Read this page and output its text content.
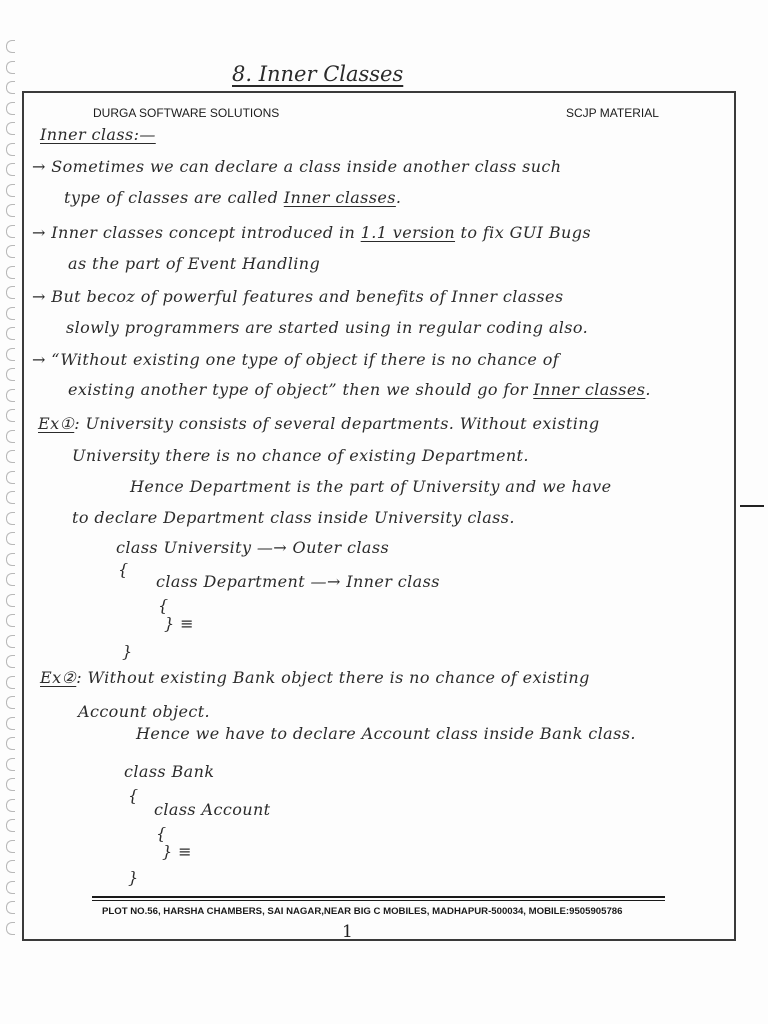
8. Inner Classes
DURGA SOFTWARE SOLUTIONS	SCJP MATERIAL
Inner class:—
→ Sometimes we can declare a class inside another class such
type of classes are called Inner classes.
→ Inner classes concept introduced in 1.1 version to fix GUI Bugs
as the part of Event Handling
→ But becoz of powerful features and benefits of Inner classes
slowly programmers are started using in regular coding also.
→ “Without existing one type of object if there is no chance of
existing another type of object” then we should go for Inner classes.
Ex①: University consists of several departments. Without existing
University there is no chance of existing Department.
Hence Department is the part of University and we have
to declare Department class inside University class.
class University —→ Outer class
{
class Department —→ Inner class
{
} ≡
}
Ex②: Without existing Bank object there is no chance of existing
Account object.
Hence we have to declare Account class inside Bank class.
class Bank
{
class Account
{
} ≡
}
PLOT NO.56, HARSHA CHAMBERS, SAI NAGAR,NEAR BIG C MOBILES, MADHAPUR-500034, MOBILE:9505905786
1
